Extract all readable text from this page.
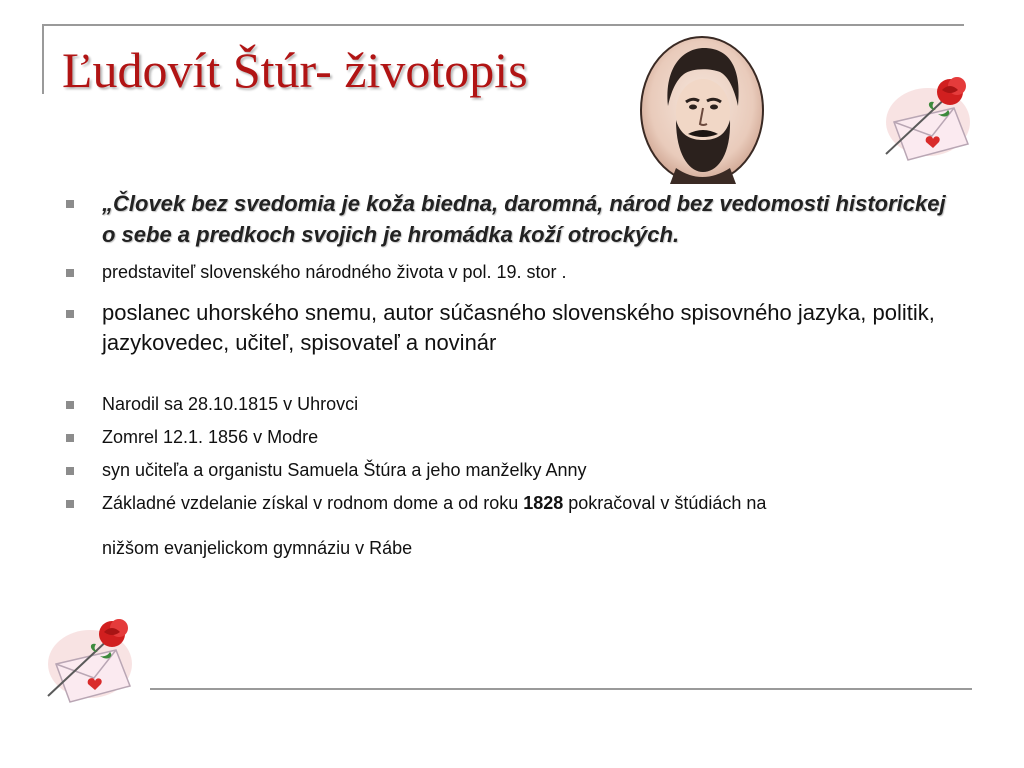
Ľudovít Štúr- životopis
„Človek bez svedomia je koža biedna, daromná, národ bez vedomosti historickej o sebe a predkoch svojich je hromádka koží otrockých.
predstaviteľ slovenského národného života v pol. 19. stor .
poslanec uhorského snemu, autor súčasného slovenského spisovného jazyka, politik, jazykovedec, učiteľ, spisovateľ a novinár
Narodil sa 28.10.1815 v Uhrovci
Zomrel 12.1. 1856 v Modre
syn učiteľa a organistu Samuela Štúra a jeho manželky Anny
Základné vzdelanie získal v rodnom dome a od roku 1828 pokračoval v štúdiách na
nižšom evanjelickom gymnáziu v Rábe
